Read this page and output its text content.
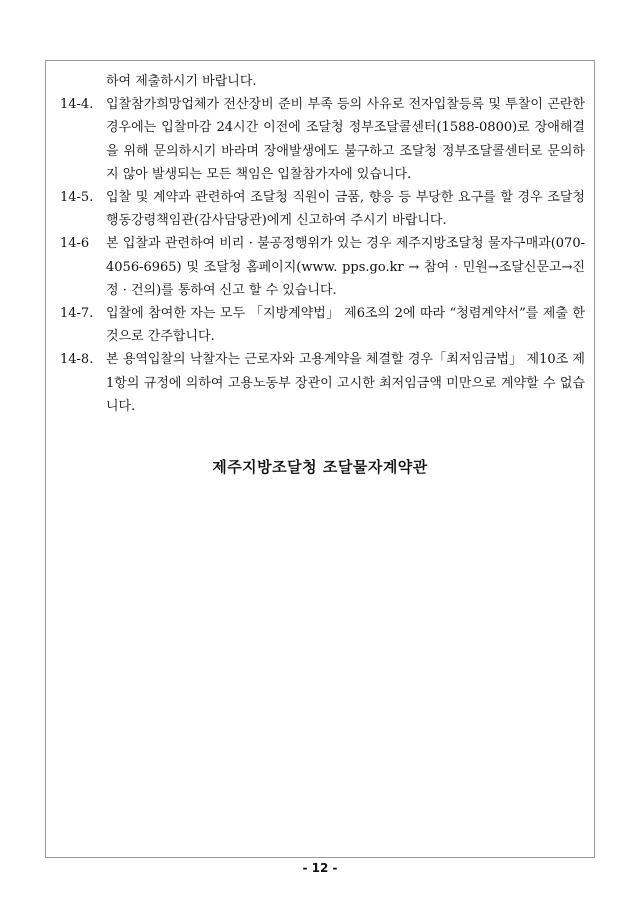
하여 제출하시기 바랍니다.

14-4. 입찰참가희망업체가 전산장비 준비 부족 등의 사유로 전자입찰등록 및 투찰이 곤란한 경우에는 입찰마감 24시간 이전에 조달청 정부조달콜센터(1588-0800)로 장애해결을 위해 문의하시기 바라며 장애발생에도 불구하고 조달청 정부조달콜센터로 문의하지 않아 발생되는 모든 책임은 입찰참가자에 있습니다.
14-5. 입찰 및 계약과 관련하여 조달청 직원이 금품, 향응 등 부당한 요구를 할 경우 조달청 행동강령책임관(감사담당관)에게 신고하여 주시기 바랍니다.
14-6	본 입찰과 관련하여 비리 · 불공정행위가 있는 경우 제주지방조달청 물자구매과(070-4056-6965) 및 조달청 홈페이지(www. pps.go.kr → 참여 · 민원→조달신문고→진정 · 건의)를 통하여 신고 할 수 있습니다.
14-7. 입찰에 참여한 자는 모두 「지방계약법」 제6조의 2에 따라 “청렴계약서”를 제출 한 것으로 간주합니다.
14-8. 본 용역입찰의 낙찰자는 근로자와 고용계약을 체결할 경우「최저임금법」 제10조 제1항의 규정에 의하여 고용노동부 장관이 고시한 최저임금액 미만으로 계약할 수 없습니다.
제주지방조달청 조달물자계약관
- 12 -
